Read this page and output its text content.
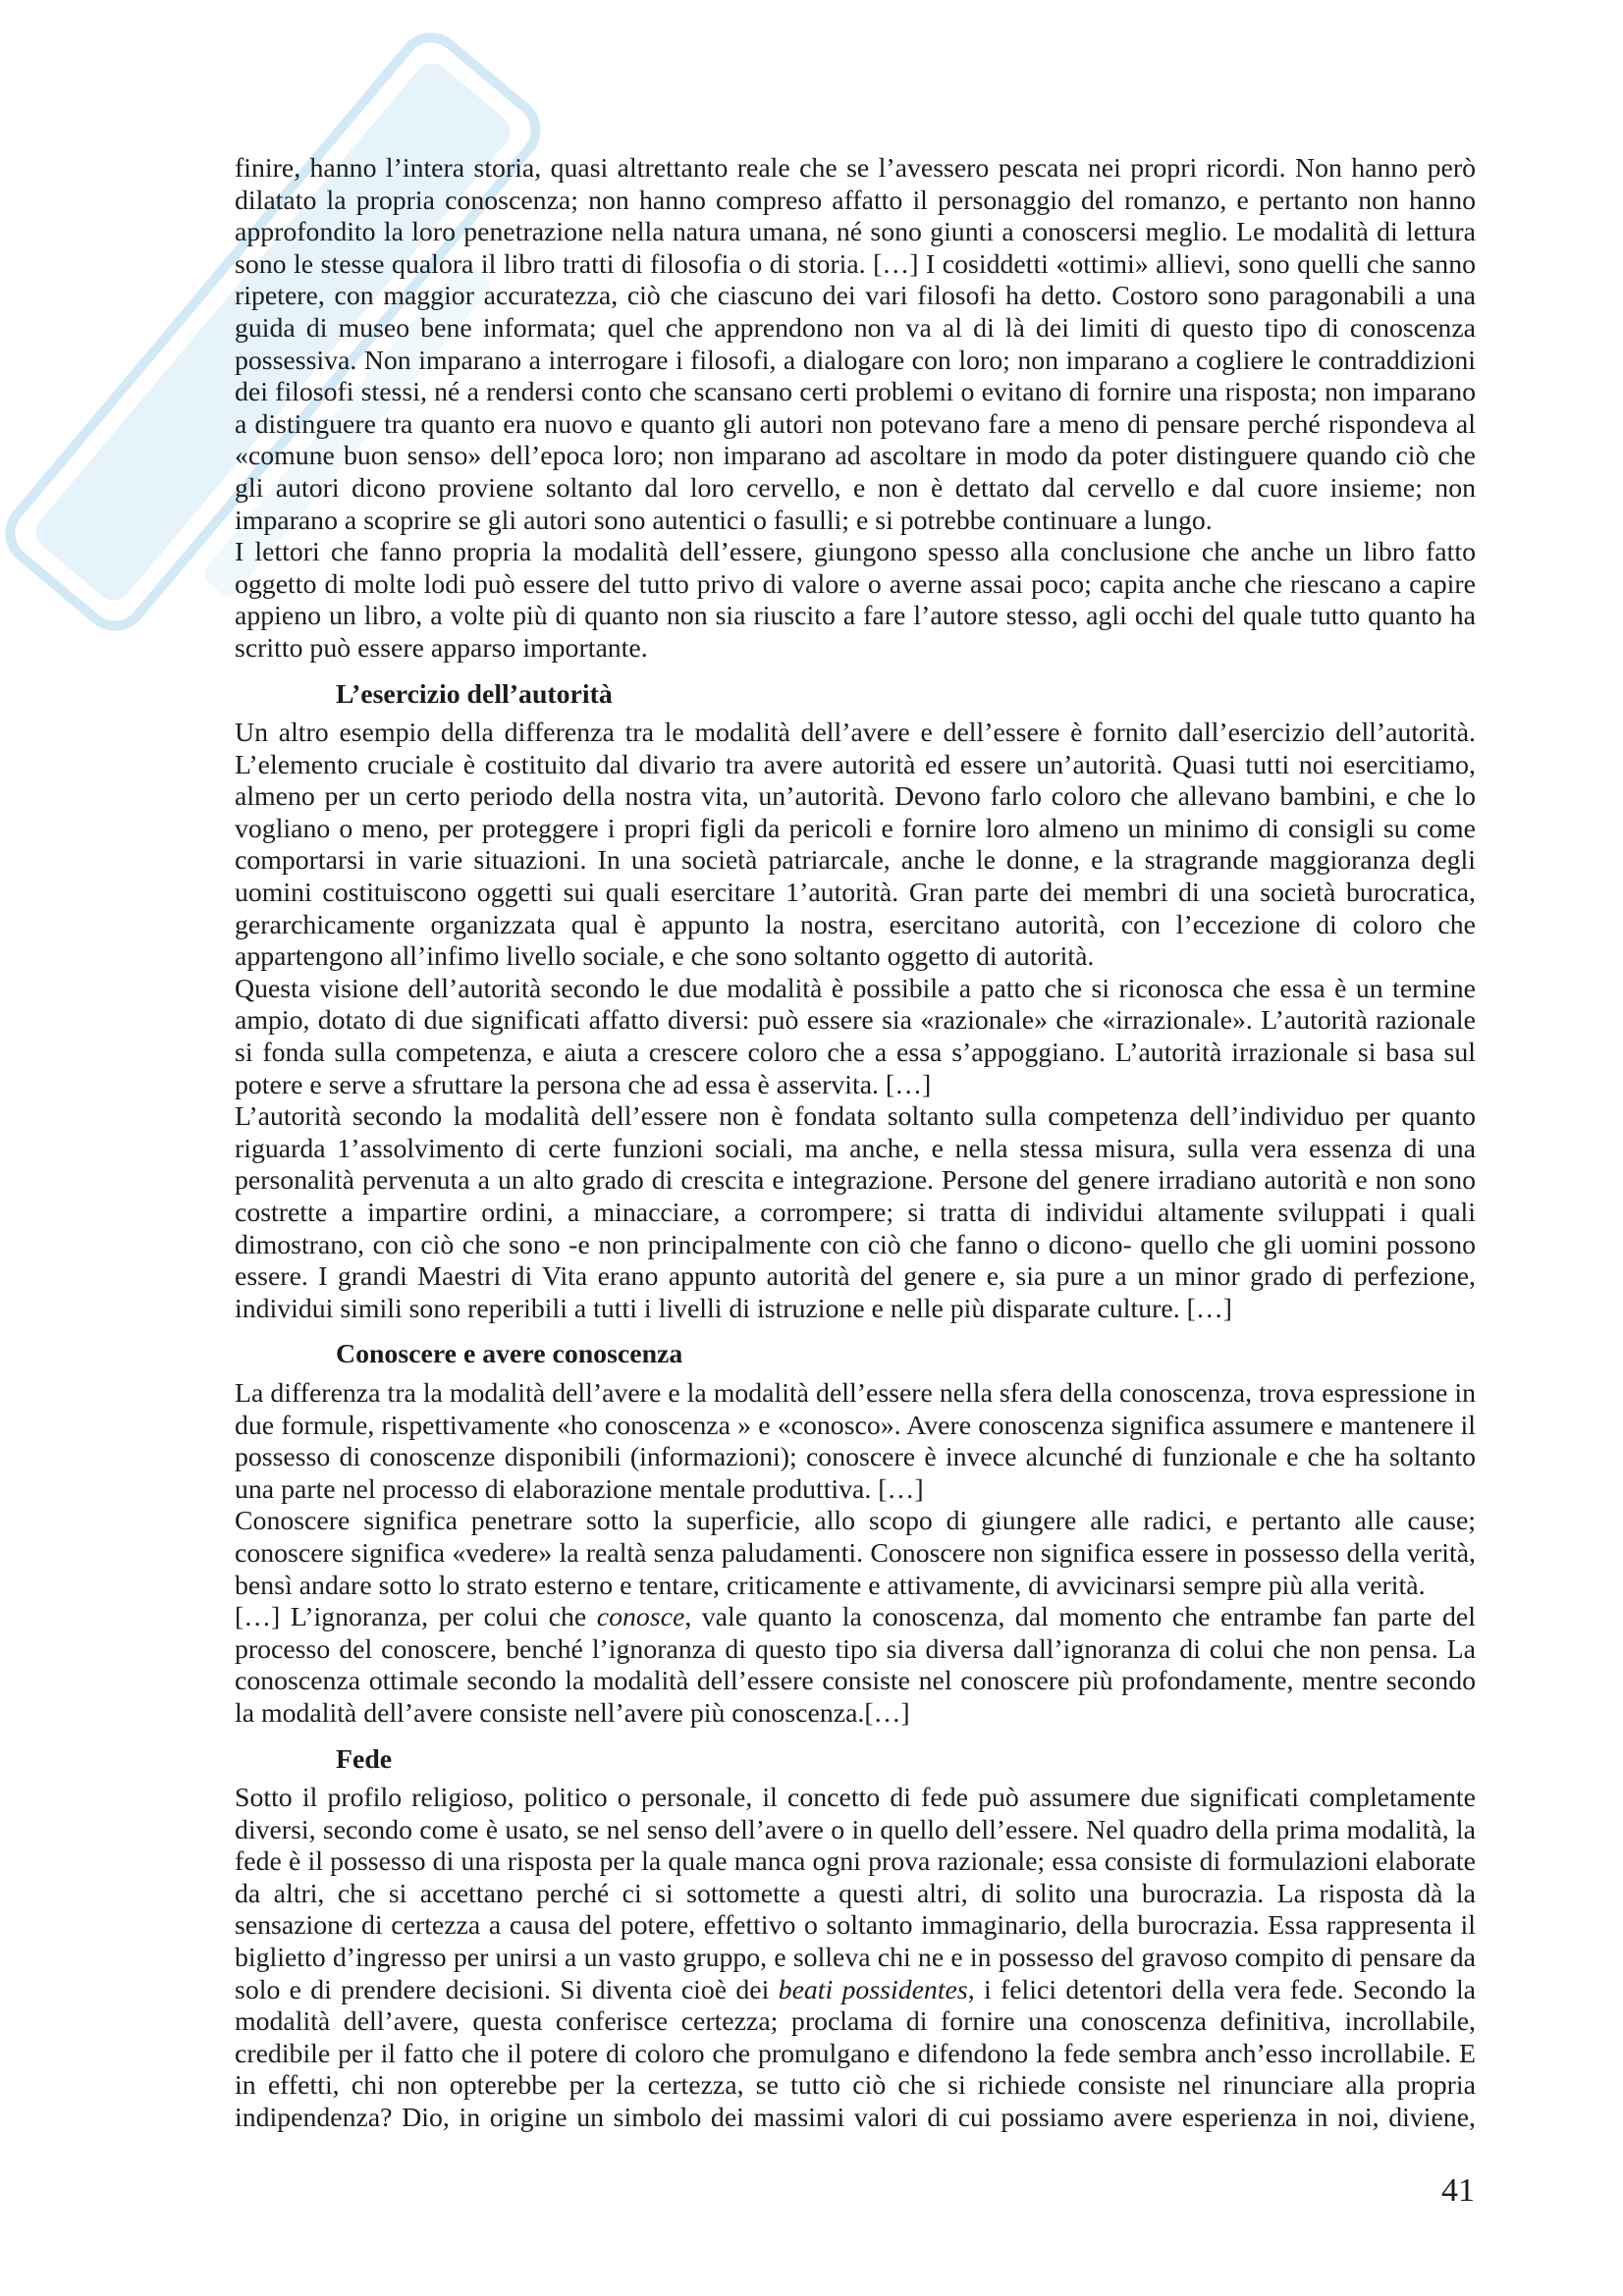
finire, hanno l’intera storia, quasi altrettanto reale che se l’avessero pescata nei propri ricordi. Non hanno però dilatato la propria conoscenza; non hanno compreso affatto il personaggio del romanzo, e pertanto non hanno approfondito la loro penetrazione nella natura umana, né sono giunti a conoscersi meglio. Le modalità di lettura sono le stesse qualora il libro tratti di filosofia o di storia. […] I cosiddetti «ottimi» allievi, sono quelli che sanno ripetere, con maggior accuratezza, ciò che ciascuno dei vari filosofi ha detto. Costoro sono paragonabili a una guida di museo bene informata; quel che apprendono non va al di là dei limiti di questo tipo di conoscenza possessiva. Non imparano a interrogare i filosofi, a dialogare con loro; non imparano a cogliere le contraddizioni dei filosofi stessi, né a rendersi conto che scansano certi problemi o evitano di fornire una risposta; non imparano a distinguere tra quanto era nuovo e quanto gli autori non potevano fare a meno di pensare perché rispondeva al «comune buon senso» dell’epoca loro; non imparano ad ascoltare in modo da poter distinguere quando ciò che gli autori dicono proviene soltanto dal loro cervello, e non è dettato dal cervello e dal cuore insieme; non imparano a scoprire se gli autori sono autentici o fasulli; e si potrebbe continuare a lungo.

I lettori che fanno propria la modalità dell’essere, giungono spesso alla conclusione che anche un libro fatto oggetto di molte lodi può essere del tutto privo di valore o averne assai poco; capita anche che riescano a capire appieno un libro, a volte più di quanto non sia riuscito a fare l’autore stesso, agli occhi del quale tutto quanto ha scritto può essere apparso importante.

L’esercizio dell’autorità

Un altro esempio della differenza tra le modalità dell’avere e dell’essere è fornito dall’esercizio dell’autorità. L’elemento cruciale è costituito dal divario tra avere autorità ed essere un’autorità. Quasi tutti noi esercitiamo, almeno per un certo periodo della nostra vita, un’autorità. Devono farlo coloro che allevano bambini, e che lo vogliano o meno, per proteggere i propri figli da pericoli e fornire loro almeno un minimo di consigli su come comportarsi in varie situazioni. In una società patriarcale, anche le donne, e la stragrande maggioranza degli uomini costituiscono oggetti sui quali esercitare 1’autorità. Gran parte dei membri di una società burocratica, gerarchicamente organizzata qual è appunto la nostra, esercitano autorità, con l’eccezione di coloro che appartengono all’infimo livello sociale, e che sono soltanto oggetto di autorità.

Questa visione dell’autorità secondo le due modalità è possibile a patto che si riconosca che essa è un termine ampio, dotato di due significati affatto diversi: può essere sia «razionale» che «irrazionale». L’autorità razionale si fonda sulla competenza, e aiuta a crescere coloro che a essa s’appoggiano. L’autorità irrazionale si basa sul potere e serve a sfruttare la persona che ad essa è asservita. […]

L’autorità secondo la modalità dell’essere non è fondata soltanto sulla competenza dell’individuo per quanto riguarda 1’assolvimento di certe funzioni sociali, ma anche, e nella stessa misura, sulla vera essenza di una personalità pervenuta a un alto grado di crescita e integrazione. Persone del genere irradiano autorità e non sono costrette a impartire ordini, a minacciare, a corrompere; si tratta di individui altamente sviluppati i quali dimostrano, con ciò che sono -e non principalmente con ciò che fanno o dicono- quello che gli uomini possono essere. I grandi Maestri di Vita erano appunto autorità del genere e, sia pure a un minor grado di perfezione, individui simili sono reperibili a tutti i livelli di istruzione e nelle più disparate culture. […]

Conoscere e avere conoscenza

La differenza tra la modalità dell’avere e la modalità dell’essere nella sfera della conoscenza, trova espressione in due formule, rispettivamente «ho conoscenza » e «conosco». Avere conoscenza significa assumere e mantenere il possesso di conoscenze disponibili (informazioni); conoscere è invece alcunché di funzionale e che ha soltanto una parte nel processo di elaborazione mentale produttiva. […]

Conoscere significa penetrare sotto la superficie, allo scopo di giungere alle radici, e pertanto alle cause; conoscere significa «vedere» la realtà senza paludamenti. Conoscere non significa essere in possesso della verità, bensì andare sotto lo strato esterno e tentare, criticamente e attivamente, di avvicinarsi sempre più alla verità.

[…] L’ignoranza, per colui che conosce, vale quanto la conoscenza, dal momento che entrambe fan parte del processo del conoscere, benché l’ignoranza di questo tipo sia diversa dall’ignoranza di colui che non pensa. La conoscenza ottimale secondo la modalità dell’essere consiste nel conoscere più profondamente, mentre secondo la modalità dell’avere consiste nell’avere più conoscenza.[…]

Fede

Sotto il profilo religioso, politico o personale, il concetto di fede può assumere due significati completamente diversi, secondo come è usato, se nel senso dell’avere o in quello dell’essere. Nel quadro della prima modalità, la fede è il possesso di una risposta per la quale manca ogni prova razionale; essa consiste di formulazioni elaborate da altri, che si accettano perché ci si sottomette a questi altri, di solito una burocrazia. La risposta dà la sensazione di certezza a causa del potere, effettivo o soltanto immaginario, della burocrazia. Essa rappresenta il biglietto d’ingresso per unirsi a un vasto gruppo, e solleva chi ne e in possesso del gravoso compito di pensare da solo e di prendere decisioni. Si diventa cioè dei beati possidentes, i felici detentori della vera fede. Secondo la modalità dell’avere, questa conferisce certezza; proclama di fornire una conoscenza definitiva, incrollabile, credibile per il fatto che il potere di coloro che promulgano e difendono la fede sembra anch’esso incrollabile. E in effetti, chi non opterebbe per la certezza, se tutto ciò che si richiede consiste nel rinunciare alla propria indipendenza? Dio, in origine un simbolo dei massimi valori di cui possiamo avere esperienza in noi, diviene,

41
